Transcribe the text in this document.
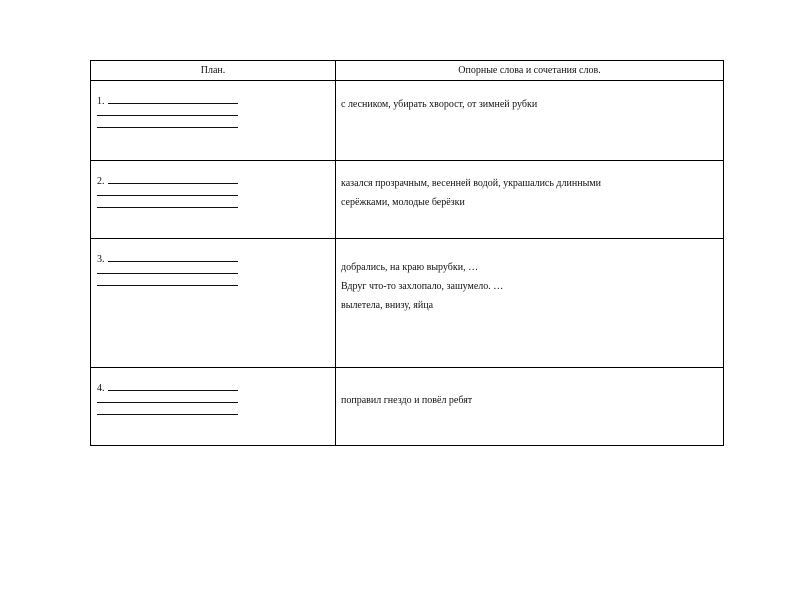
План.	Опорные слова и сочетания слов.

1.	с лесником, убирать хворост, от зимней рубки

2.	казался прозрачным, весенней водой, украшались длинными
серёжками, молодые берёзки

3.	добрались, на краю вырубки, …
Вдруг что-то захлопало, зашумело. …
вылетела, внизу, яйца

4.	поправил гнездо и повёл ребят
